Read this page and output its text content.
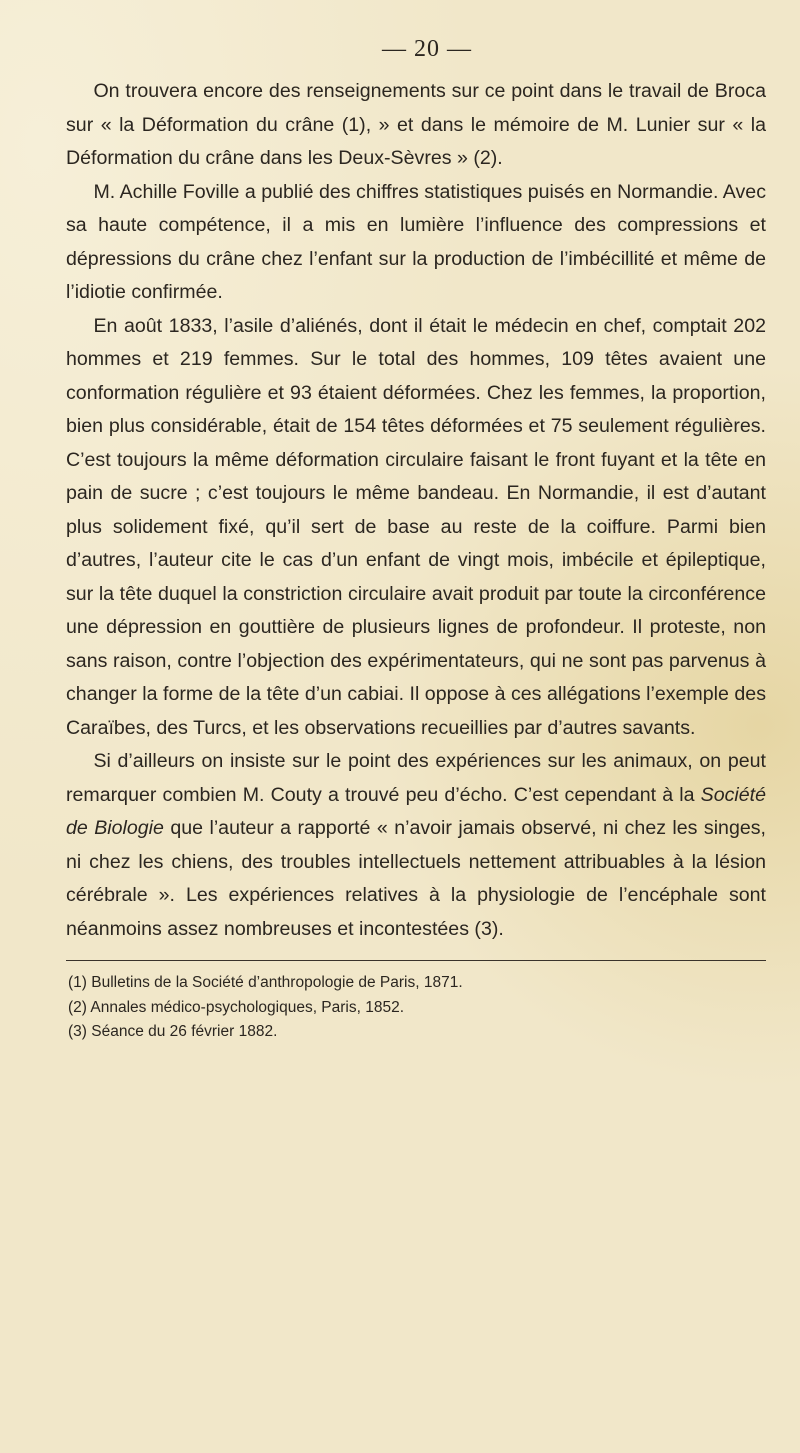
— 20 —

On trouvera encore des renseignements sur ce point dans le travail de Broca sur « la Déformation du crâne (1), » et dans le mémoire de M. Lunier sur « la Déformation du crâne dans les Deux-Sèvres » (2).

M. Achille Foville a publié des chiffres statistiques puisés en Normandie. Avec sa haute compétence, il a mis en lumière l’influence des compressions et dépressions du crâne chez l’enfant sur la production de l’imbécillité et même de l’idiotie confirmée.

En août 1833, l’asile d’aliénés, dont il était le médecin en chef, comptait 202 hommes et 219 femmes. Sur le total des hommes, 109 têtes avaient une conformation régulière et 93 étaient déformées. Chez les femmes, la proportion, bien plus considérable, était de 154 têtes déformées et 75 seulement régulières. C’est toujours la même déformation circulaire faisant le front fuyant et la tête en pain de sucre ; c’est toujours le même bandeau. En Normandie, il est d’autant plus solidement fixé, qu’il sert de base au reste de la coiffure. Parmi bien d’autres, l’auteur cite le cas d’un enfant de vingt mois, imbécile et épileptique, sur la tête duquel la constriction circulaire avait produit par toute la circonférence une dépression en gouttière de plusieurs lignes de profondeur. Il proteste, non sans raison, contre l’objection des expérimentateurs, qui ne sont pas parvenus à changer la forme de la tête d’un cabiai. Il oppose à ces allégations l’exemple des Caraïbes, des Turcs, et les observations recueillies par d’autres savants.

Si d’ailleurs on insiste sur le point des expériences sur les animaux, on peut remarquer combien M. Couty a trouvé peu d’écho. C’est cependant à la Société de Biologie que l’auteur a rapporté « n’avoir jamais observé, ni chez les singes, ni chez les chiens, des troubles intellectuels nettement attribuables à la lésion cérébrale ». Les expériences relatives à la physiologie de l’encéphale sont néanmoins assez nombreuses et incontestées (3).

(1) Bulletins de la Société d’anthropologie de Paris, 1871.

(2) Annales médico-psychologiques, Paris, 1852.

(3) Séance du 26 février 1882.
